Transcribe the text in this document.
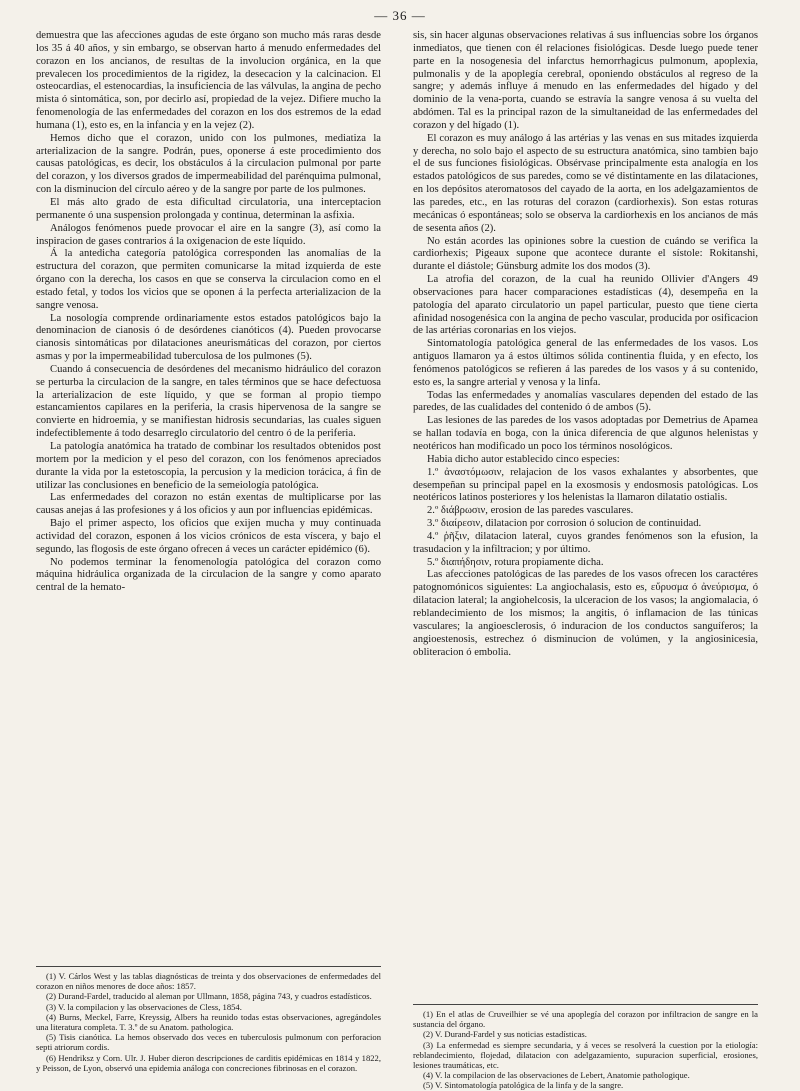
— 36 —

demuestra que las afecciones agudas de este órgano son mucho más raras desde los 35 á 40 años, y sin embargo, se observan harto á menudo enfermedades del corazon en los ancianos, de resultas de la involucion orgánica, en la que prevalecen los procedimientos de la rigidez, la desecacion y la calcinacion. El osteocardias, el estenocardias, la insuficiencia de las válvulas, la angina de pecho mista ó sintomática, son, por decirlo así, propiedad de la vejez. Difiere mucho la fenomenología de las enfermedades del corazon en los dos estremos de la edad humana (1), esto es, en la infancia y en la vejez (2).

Hemos dicho que el corazon, unido con los pulmones, mediatiza la arterializacion de la sangre. Podrán, pues, oponerse á este procedimiento dos causas patológicas, es decir, los obstáculos á la circulacion pulmonal por parte del corazon, y los diversos grados de impermeabilidad del parénquima pulmonal, con la disminucion del círculo aéreo y de la sangre por parte de los pulmones.

El más alto grado de esta dificultad circulatoria, una interceptacion permanente ó una suspension prolongada y continua, determinan la asfixia.

Análogos fenómenos puede provocar el aire en la sangre (3), así como la inspiracion de gases contrarios á la oxigenacion de este líquido.

Á la antedicha categoría patológica corresponden las anomalías de la estructura del corazon, que permiten comunicarse la mitad izquierda de este órgano con la derecha, los casos en que se conserva la circulacion como en el estado fetal, y todos los vicios que se oponen á la perfecta arterializacion de la sangre venosa.

La nosología comprende ordinariamente estos estados patológicos bajo la denominacion de cianosis ó de desórdenes cianóticos (4). Pueden provocarse cianosis sintomáticas por dilataciones aneurismáticas del corazon, por ciertos asmas y por la impermeabilidad tuberculosa de los pulmones (5).

Cuando á consecuencia de desórdenes del mecanismo hidráulico del corazon se perturba la circulacion de la sangre, en tales términos que se hace defectuosa la arterializacion de este líquido, y que se forman al propio tiempo estancamientos capilares en la periferia, la crasis hipervenosa de la sangre se convierte en hidroemia, y se manifiestan hidrosis secundarias, las cuales siguen indefectiblemente á todo desarreglo circulatorio del centro ó de la periferia.

La patología anatómica ha tratado de combinar los resultados obtenidos post mortem por la medicion y el peso del corazon, con los fenómenos apreciados durante la vida por la estetoscopia, la percusion y la medicion torácica, á fin de utilizar las conclusiones en beneficio de la semeiología patológica.

Las enfermedades del corazon no están exentas de multiplicarse por las causas anejas á las profesiones y á los oficios y aun por influencias epidémicas.

Bajo el primer aspecto, los oficios que exijen mucha y muy continuada actividad del corazon, esponen á los vicios crónicos de esta víscera, y bajo el segundo, las flogosis de este órgano ofrecen á veces un carácter epidémico (6).

No podemos terminar la fenomenología patológica del corazon como máquina hidráulica organizada de la circulacion de la sangre y como aparato central de la hemato-

sis, sin hacer algunas observaciones relativas á sus influencias sobre los órganos inmediatos, que tienen con él relaciones fisiológicas. Desde luego puede tener parte en la nosogenesia del infarctus hemorrhagicus pulmonum, apoplexia, pulmonalis y de la apoplegía cerebral, oponiendo obstáculos al regreso de la sangre; y además influye á menudo en las enfermedades del hígado y del dominio de la vena-porta, cuando se estravía la sangre venosa á su vuelta del abdómen. Tal es la principal razon de la simultaneidad de las enfermedades del corazon y del hígado (1).

El corazon es muy análogo á las artérias y las venas en sus mitades izquierda y derecha, no solo bajo el aspecto de su estructura anatómica, sino tambien bajo el de sus funciones fisiológicas. Obsérvase principalmente esta analogía en los estados patológicos de sus paredes, como se vé distintamente en las dilataciones, en los depósitos ateromatosos del cayado de la aorta, en los adelgazamientos de las paredes, etc., en las roturas del corazon (cardiorhexis). Son estas roturas mecánicas ó espontáneas; solo se observa la cardiorhexis en los ancianos de más de sesenta años (2).

No están acordes las opiniones sobre la cuestion de cuándo se verifica la cardiorhexis; Pigeaux supone que acontece durante el sístole: Rokitanshi, durante el diástole; Günsburg admite los dos modos (3).

La atrofia del corazon, de la cual ha reunido Ollivier d'Angers 49 observaciones para hacer comparaciones estadísticas (4), desempeña en la patología del aparato circulatorio un papel particular, puesto que tiene cierta afinidad nosogenésica con la angina de pecho vascular, producida por osificacion de las artérias coronarias en los viejos.

Sintomatología patológica general de las enfermedades de los vasos. Los antiguos llamaron ya á estos últimos sólida continentia fluida, y en efecto, los fenómenos patológicos se refieren á las paredes de los vasos y á su contenido, esto es, la sangre arterial y venosa y la linfa.

Todas las enfermedades y anomalías vasculares dependen del estado de las paredes, de las cualidades del contenido ó de ambos (5).

Las lesiones de las paredes de los vasos adoptadas por Demetrius de Apamea se hallan todavía en boga, con la única diferencia de que algunos helenistas y neotéricos han modificado un poco los términos nosológicos.

Habia dicho autor establecido cinco especies:

1.º ἀναστόμωσιν, relajacion de los vasos exhalantes y absorbentes, que desempeñan su principal papel en la exosmosis y endosmosis patológicas. Los neotéricos latinos posteriores y los helenistas la llamaron dilatatio ostialis.

2.º διάβρωσιν, erosion de las paredes vasculares.

3.º διαίρεσιν, dilatacion por corrosion ó solucion de continuidad.

4.º ῥῆξιν, dilatacion lateral, cuyos grandes fenómenos son la efusion, la trasudacion y la infiltracion; y por último.

5.º διαπήδησιν, rotura propiamente dicha.

Las afecciones patológicas de las paredes de los vasos ofrecen los caractéres patognomónicos siguientes: La angiochalasis, esto es, εὔρυσμα ó ἀνεύρισμα, ó dilatacion lateral; la angiohelcosis, la ulceracion de los vasos; la angiomalacia, ó reblandecimiento de los mismos; la angitis, ó inflamacion de las túnicas vasculares; la angioesclerosis, ó induracion de los conductos sanguíferos; la angioestenosis, estrechez ó disminucion de volúmen, y la angiosinicesia, obliteracion ó embolia.

(1) V. Cárlos West y las tablas diagnósticas de treinta y dos observaciones de enfermedades del corazon en niños menores de doce años: 1857.

(2) Durand-Fardel, traducido al aleman por Ullmann, 1858, página 743, y cuadros estadísticos.

(3) V. la compilacion y las observaciones de Cless, 1854.

(4) Burns, Meckel, Farre, Kreyssig, Albers ha reunido todas estas observaciones, agregándoles una literatura completa. T. 3.º de su Anatom. pathologica.

(5) Tisis cianótica. La hemos observado dos veces en tuberculosis pulmonum con perforacion septi atriorum cordis.

(6) Hendriksz y Corn. Ulr. J. Huber dieron descripciones de carditis epidémicas en 1814 y 1822, y Peisson, de Lyon, observó una epidemia análoga con concreciones fibrinosas en el corazon.

(1) En el atlas de Cruveilhier se vé una apoplegía del corazon por infiltracion de sangre en la sustancia del órgano.

(2) V. Durand-Fardel y sus noticias estadísticas.

(3) La enfermedad es siempre secundaria, y á veces se resolverá la cuestion por la etiología: reblandecimiento, flojedad, dilatacion con adelgazamiento, supuracion superficial, erosiones, lesiones traumáticas, etc.

(4) V. la compilacion de las observaciones de Lebert, Anatomie pathologique.

(5) V. Sintomatología patológica de la linfa y de la sangre.
